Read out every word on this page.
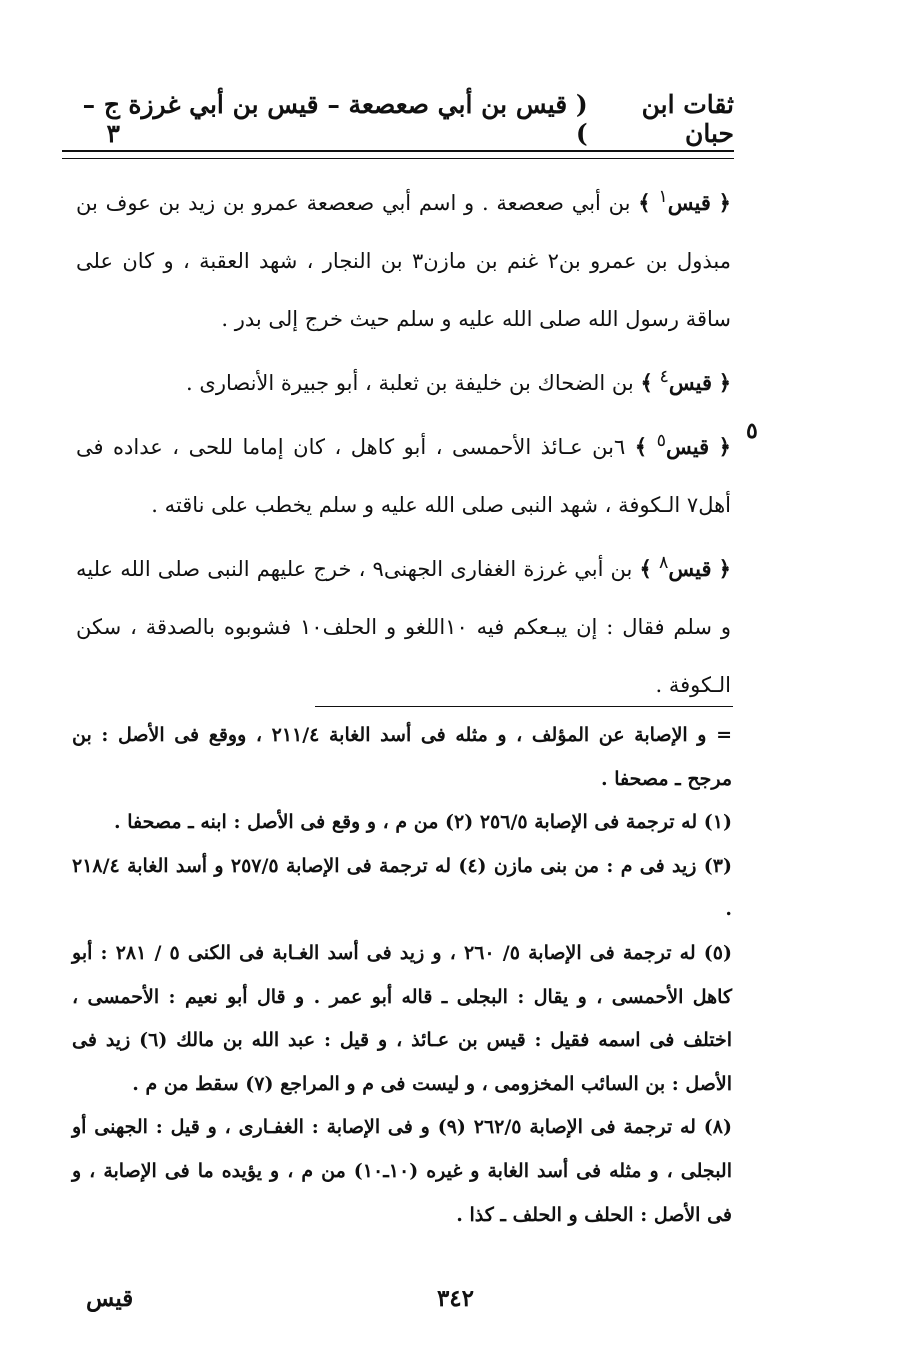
ثقات ابن حبان
( قيس بن أبي صعصعة – قيس بن أبي غرزة )
ج – ٣
٥

﴿ قيس$^١$ ﴾ بن أبي صعصعة . و اسم أبي صعصعة عمرو بن زيد بن عوف بن مبذول بن عمرو بن٢ غنم بن مازن٣ بن النجار ، شهد العقبة ، و كان على ساقة رسول الله صلى الله عليه و سلم حيث خرج إلى بدر .

﴿ قيس$^٤$ ﴾ بن الضحاك بن خليفة بن ثعلبة ، أبو جبيرة الأنصارى .

﴿ قيس$^٥$ ﴾ ٦بن عـائذ الأحمسى ، أبو كاهل ، كان إماما للحى ، عداده فى أهل٧ الـكوفة ، شهد النبى صلى الله عليه و سلم يخطب على ناقته .

﴿ قيس$^٨$ ﴾ بن أبي غرزة الغفارى الجهنى٩ ، خرج عليهم النبى صلى الله عليه و سلم فقال : إن يبـعكم فيه ١٠اللغو و الحلف١٠ فشوبوه بالصدقة ، سكن الـكوفة .

= و الإصابة عن المؤلف ، و مثله فى أسد الغابة ٢١١/٤ ، ووقع فى الأصل : بن مرجح ـ مصحفا .

(١) له ترجمة فى الإصابة ٢٥٦/٥ (٢) من م ، و وقع فى الأصل : ابنه ـ مصحفا .

(٣) زيد فى م : من بنى مازن (٤) له ترجمة فى الإصابة ٢٥٧/٥ و أسد الغابة ٢١٨/٤ .

(٥) له ترجمة فى الإصابة ٥/ ٢٦٠ ، و زيد فى أسد الغـابة فى الكنى ٥ / ٢٨١ : أبو كاهل الأحمسى ، و يقال : البجلى ـ قاله أبو عمر . و قال أبو نعيم : الأحمسى ، اختلف فى اسمه فقيل : قيس بن عـائذ ، و قيل : عبد الله بن مالك (٦) زيد فى الأصل : بن السائب المخزومى ، و ليست فى م و المراجع (٧) سقط من م .

(٨) له ترجمة فى الإصابة ٢٦٢/٥ (٩) و فى الإصابة : الغفـارى ، و قيل : الجهنى أو البجلى ، و مثله فى أسد الغابة و غيره (١٠ـ١٠) من م ، و يؤيده ما فى الإصابة ، و فى الأصل : الحلف و الحلف ـ كذا .

٣٤٢
قيس
